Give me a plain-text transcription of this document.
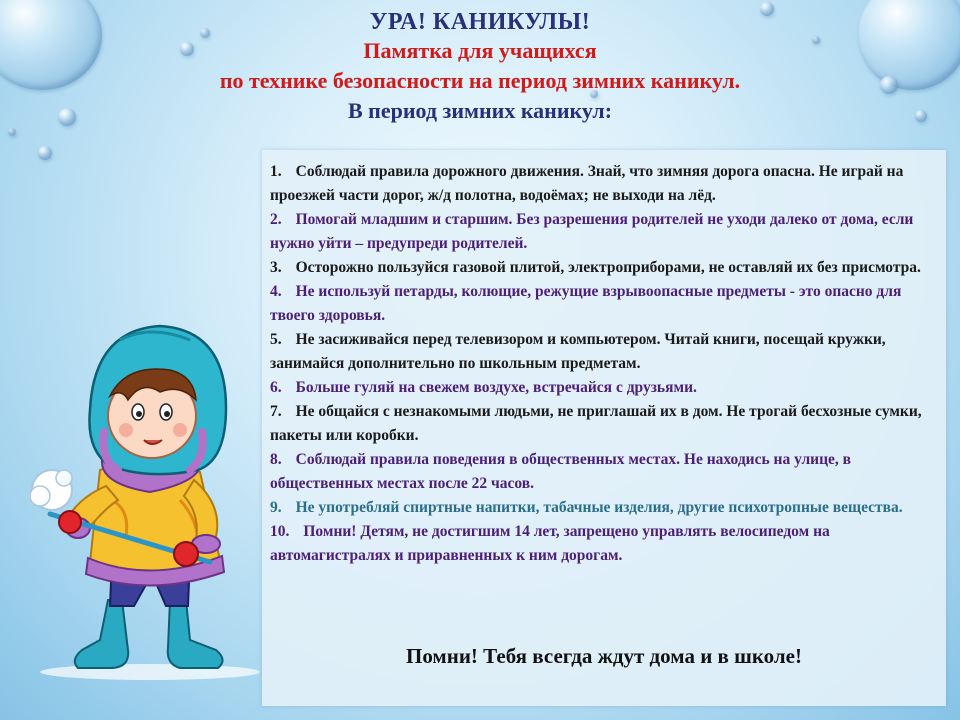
УРА! КАНИКУЛЫ!
Памятка для учащихся
по технике безопасности на период зимних каникул.
В период зимних каникул:

1. Соблюдай правила дорожного движения. Знай, что зимняя дорога опасна. Не играй на проезжей части дорог, ж/д полотна, водоёмах; не выходи на лёд.

2. Помогай младшим и старшим. Без разрешения родителей не уходи далеко от дома, если нужно уйти – предупреди родителей.

3. Осторожно пользуйся газовой плитой, электроприборами, не оставляй их без присмотра.

4. Не используй петарды, колющие, режущие взрывоопасные предметы - это опасно для твоего здоровья.

5. Не засиживайся перед телевизором и компьютером. Читай книги, посещай кружки, занимайся дополнительно по школьным предметам.

6. Больше гуляй на свежем воздухе, встречайся с друзьями.

7. Не общайся с незнакомыми людьми, не приглашай их в дом. Не трогай бесхозные сумки, пакеты или коробки.

8. Соблюдай правила поведения в общественных местах. Не находись на улице, в общественных местах после 22 часов.

9. Не употребляй спиртные напитки, табачные изделия, другие психотропные вещества.

10. Помни! Детям, не достигшим 14 лет, запрещено управлять велосипедом на автомагистралях и приравненных к ним дорогам.

Помни! Тебя всегда ждут дома и в школе!
